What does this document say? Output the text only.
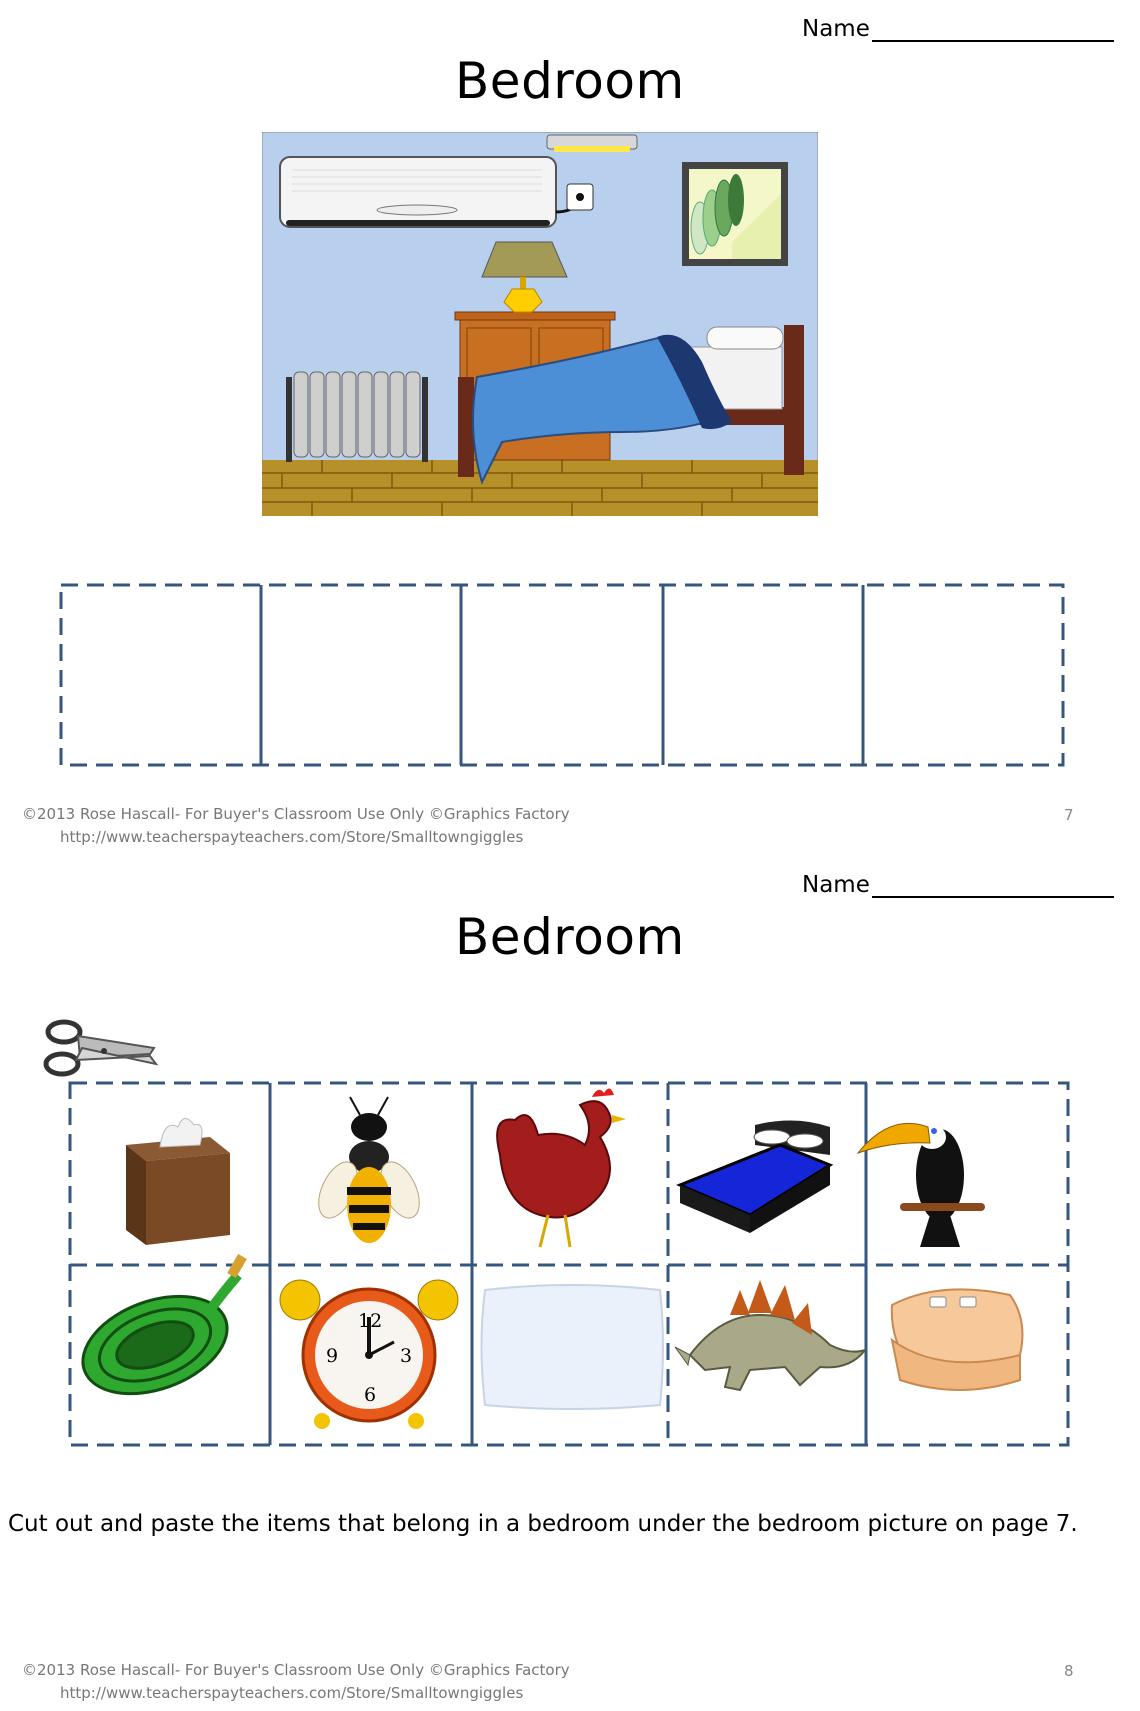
Name
Bedroom
©2013 Rose Hascall- For Buyer's Classroom Use Only ©Graphics Factory
http://www.teacherspayteachers.com/Store/Smalltowngiggles
7
Name
Bedroom
12
3
6
9
Cut out and paste the items that belong in a bedroom under the bedroom picture on page 7.
©2013 Rose Hascall- For Buyer's Classroom Use Only ©Graphics Factory
http://www.teacherspayteachers.com/Store/Smalltowngiggles
8
